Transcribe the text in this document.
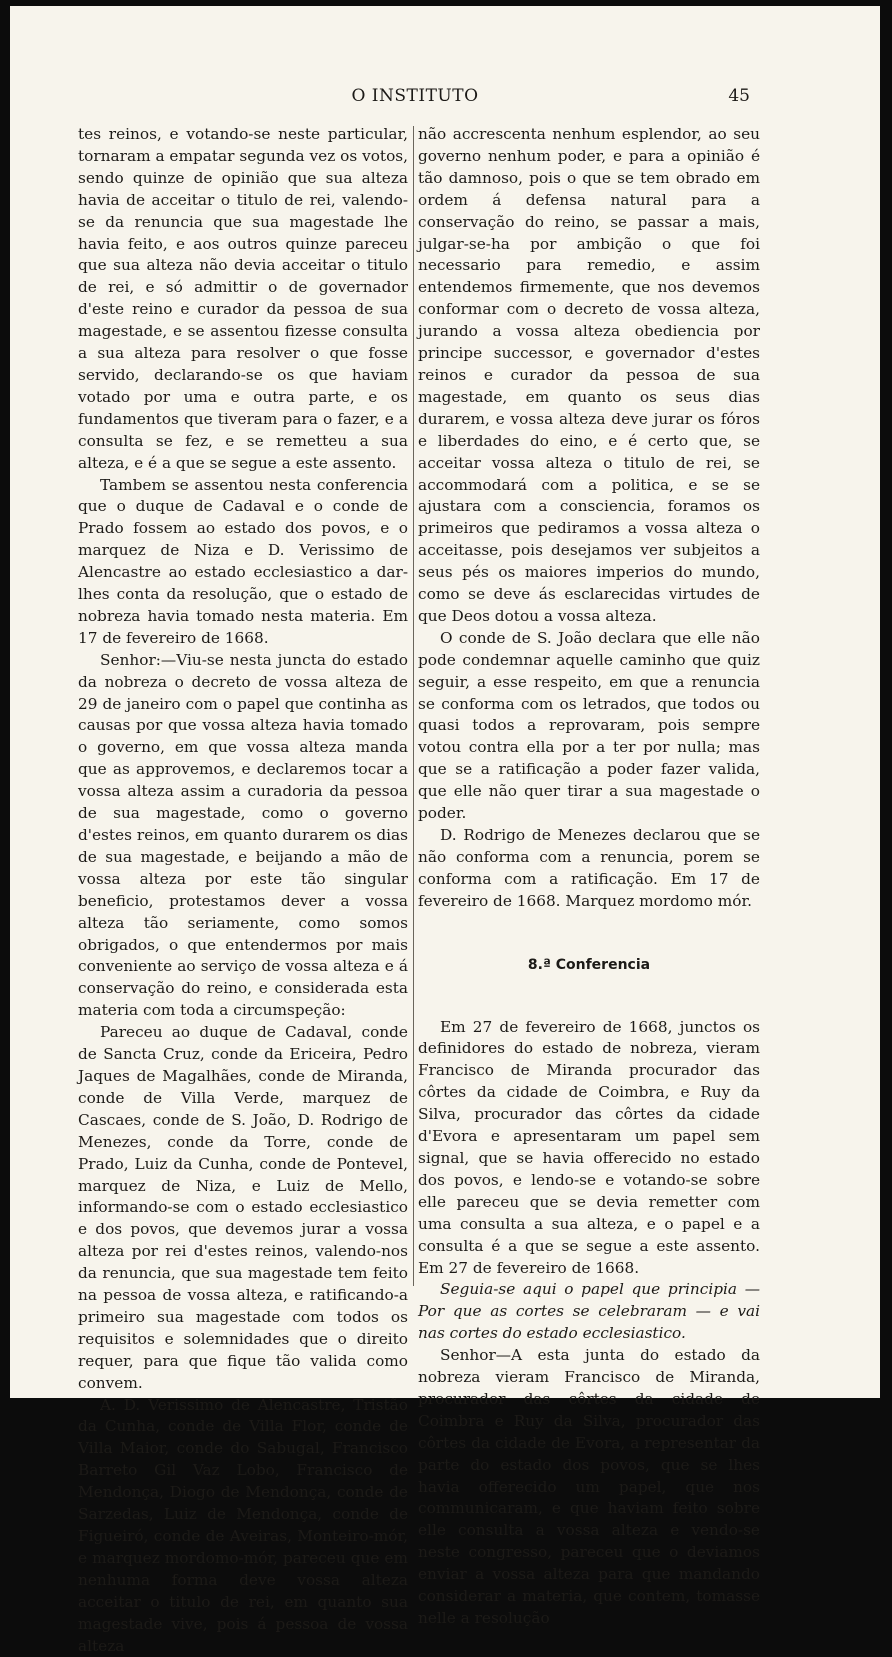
O INSTITUTO	45

tes reinos, e votando-se neste particular, tornaram a empatar segunda vez os votos, sendo quinze de opinião que sua alteza havia de acceitar o titulo de rei, valendo-se da renuncia que sua magestade lhe havia feito, e aos outros quinze pareceu que sua alteza não devia acceitar o titulo de rei, e só admittir o de governador d'este reino e curador da pessoa de sua magestade, e se assentou fizesse consulta a sua alteza para resolver o que fosse servido, declarando-se os que haviam votado por uma e outra parte, e os fundamentos que tiveram para o fazer, e a consulta se fez, e se remetteu a sua alteza, e é a que se segue a este assento.

Tambem se assentou nesta conferencia que o duque de Cadaval e o conde de Prado fossem ao estado dos povos, e o marquez de Niza e D. Verissimo de Alencastre ao estado ecclesiastico a dar-lhes conta da resolução, que o estado de nobreza havia tomado nesta materia. Em 17 de fevereiro de 1668.

Senhor:—Viu-se nesta juncta do estado da nobreza o decreto de vossa alteza de 29 de janeiro com o papel que continha as causas por que vossa alteza havia tomado o governo, em que vossa alteza manda que as approvemos, e declaremos tocar a vossa alteza assim a curadoria da pessoa de sua magestade, como o governo d'estes reinos, em quanto durarem os dias de sua magestade, e beijando a mão de vossa alteza por este tão singular beneficio, protestamos dever a vossa alteza tão seriamente, como somos obrigados, o que entendermos por mais conveniente ao serviço de vossa alteza e á conservação do reino, e considerada esta materia com toda a circumspeção:

Pareceu ao duque de Cadaval, conde de Sancta Cruz, conde da Ericeira, Pedro Jaques de Magalhães, conde de Miranda, conde de Villa Verde, marquez de Cascaes, conde de S. João, D. Rodrigo de Menezes, conde da Torre, conde de Prado, Luiz da Cunha, conde de Pontevel, marquez de Niza, e Luiz de Mello, informando-se com o estado ecclesiastico e dos povos, que devemos jurar a vossa alteza por rei d'estes reinos, valendo-nos da renuncia, que sua magestade tem feito na pessoa de vossa alteza, e ratificando-a primeiro sua magestade com todos os requisitos e solemnidades que o direito requer, para que fique tão valida como convem.

A. D. Verissimo de Alencastre, Tristão da Cunha, conde de Villa Flor, conde de Villa Maior, conde do Sabugal, Francisco Barreto Gil Vaz Lobo, Francisco de Mendonça, Diogo de Mendonça, conde de Sarzedas, Luiz de Mendonça, conde de Figueiró, conde de Aveiras, Monteiro-mór, e marquez mordomo-mór, pareceu que em nenhuma forma deve vossa alteza acceitar o titulo de rei, em quanto sua magestade vive, pois á pessoa de vossa alteza

não accrescenta nenhum esplendor, ao seu governo nenhum poder, e para a opinião é tão damnoso, pois o que se tem obrado em ordem á defensa natural para a conservação do reino, se passar a mais, julgar-se-ha por ambição o que foi necessario para remedio, e assim entendemos firmemente, que nos devemos conformar com o decreto de vossa alteza, jurando a vossa alteza obediencia por principe successor, e governador d'estes reinos e curador da pessoa de sua magestade, em quanto os seus dias durarem, e vossa alteza deve jurar os fóros e liberdades do eino, e é certo que, se acceitar vossa alteza o titulo de rei, se accommodará com a politica, e se se ajustara com a consciencia, foramos os primeiros que pediramos a vossa alteza o acceitasse, pois desejamos ver subjeitos a seus pés os maiores imperios do mundo, como se deve ás esclarecidas virtudes de que Deos dotou a vossa alteza.

O conde de S. João declara que elle não pode condemnar aquelle caminho que quiz seguir, a esse respeito, em que a renuncia se conforma com os letrados, que todos ou quasi todos a reprovaram, pois sempre votou contra ella por a ter por nulla; mas que se a ratificação a poder fazer valida, que elle não quer tirar a sua magestade o poder.

D. Rodrigo de Menezes declarou que se não conforma com a renuncia, porem se conforma com a ratificação. Em 17 de fevereiro de 1668. Marquez mordomo mór.

8.ª Conferencia

Em 27 de fevereiro de 1668, junctos os definidores do estado de nobreza, vieram Francisco de Miranda procurador das côrtes da cidade de Coimbra, e Ruy da Silva, procurador das côrtes da cidade d'Evora e apresentaram um papel sem signal, que se havia offerecido no estado dos povos, e lendo-se e votando-se sobre elle pareceu que se devia remetter com uma consulta a sua alteza, e o papel e a consulta é a que se segue a este assento. Em 27 de fevereiro de 1668.

Seguia-se aqui o papel que principia —Por que as cortes se celebraram — e vai nas cortes do estado ecclesiastico.

Senhor—A esta junta do estado da nobreza vieram Francisco de Miranda, procurador das côrtes da cidade de Coimbra e Ruy da Silva, procurador das côrtes da cidade de Evora, a representar da parte do estado dos povos, que se lhes havia offerecido um papel, que nos communicaram, e que haviam feito sobre elle consulta a vossa alteza e vendo-se neste congresso, pareceu que o deviamos enviar a vossa alteza para que mandando considerar a materia, que contem, tomasse nelle a resolução
